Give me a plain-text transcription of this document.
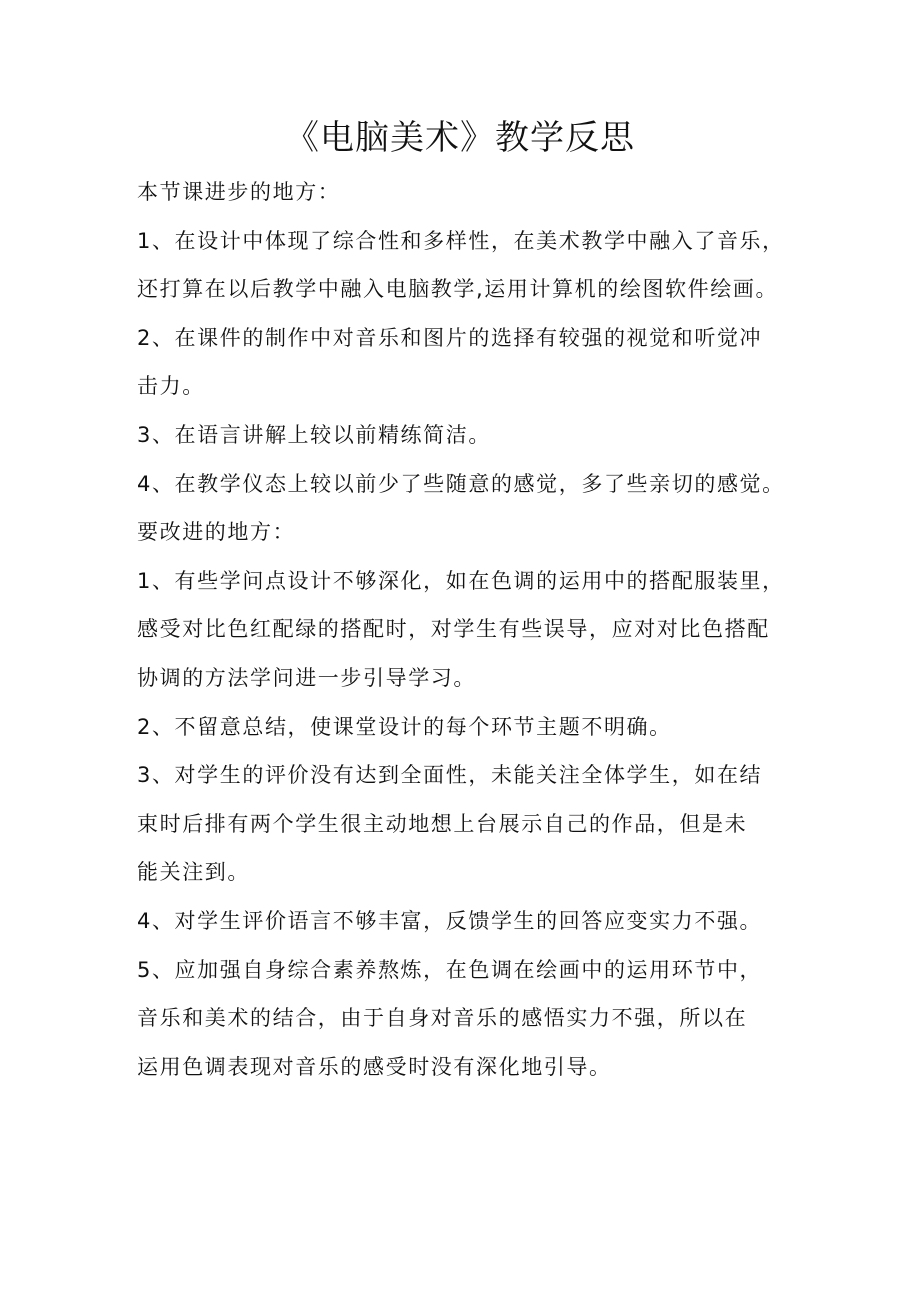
《电脑美术》教学反思
本节课进步的地方：
1、在设计中体现了综合性和多样性，在美术教学中融入了音乐，
还打算在以后教学中融入电脑教学,运用计算机的绘图软件绘画。
2、在课件的制作中对音乐和图片的选择有较强的视觉和听觉冲
击力。
3、在语言讲解上较以前精练简洁。
4、在教学仪态上较以前少了些随意的感觉，多了些亲切的感觉。
要改进的地方：
1、有些学问点设计不够深化，如在色调的运用中的搭配服装里，
感受对比色红配绿的搭配时，对学生有些误导，应对对比色搭配
协调的方法学问进一步引导学习。
2、不留意总结，使课堂设计的每个环节主题不明确。
3、对学生的评价没有达到全面性，未能关注全体学生，如在结
束时后排有两个学生很主动地想上台展示自己的作品，但是未
能关注到。
4、对学生评价语言不够丰富，反馈学生的回答应变实力不强。
5、应加强自身综合素养熬炼，在色调在绘画中的运用环节中，
音乐和美术的结合，由于自身对音乐的感悟实力不强，所以在
运用色调表现对音乐的感受时没有深化地引导。
